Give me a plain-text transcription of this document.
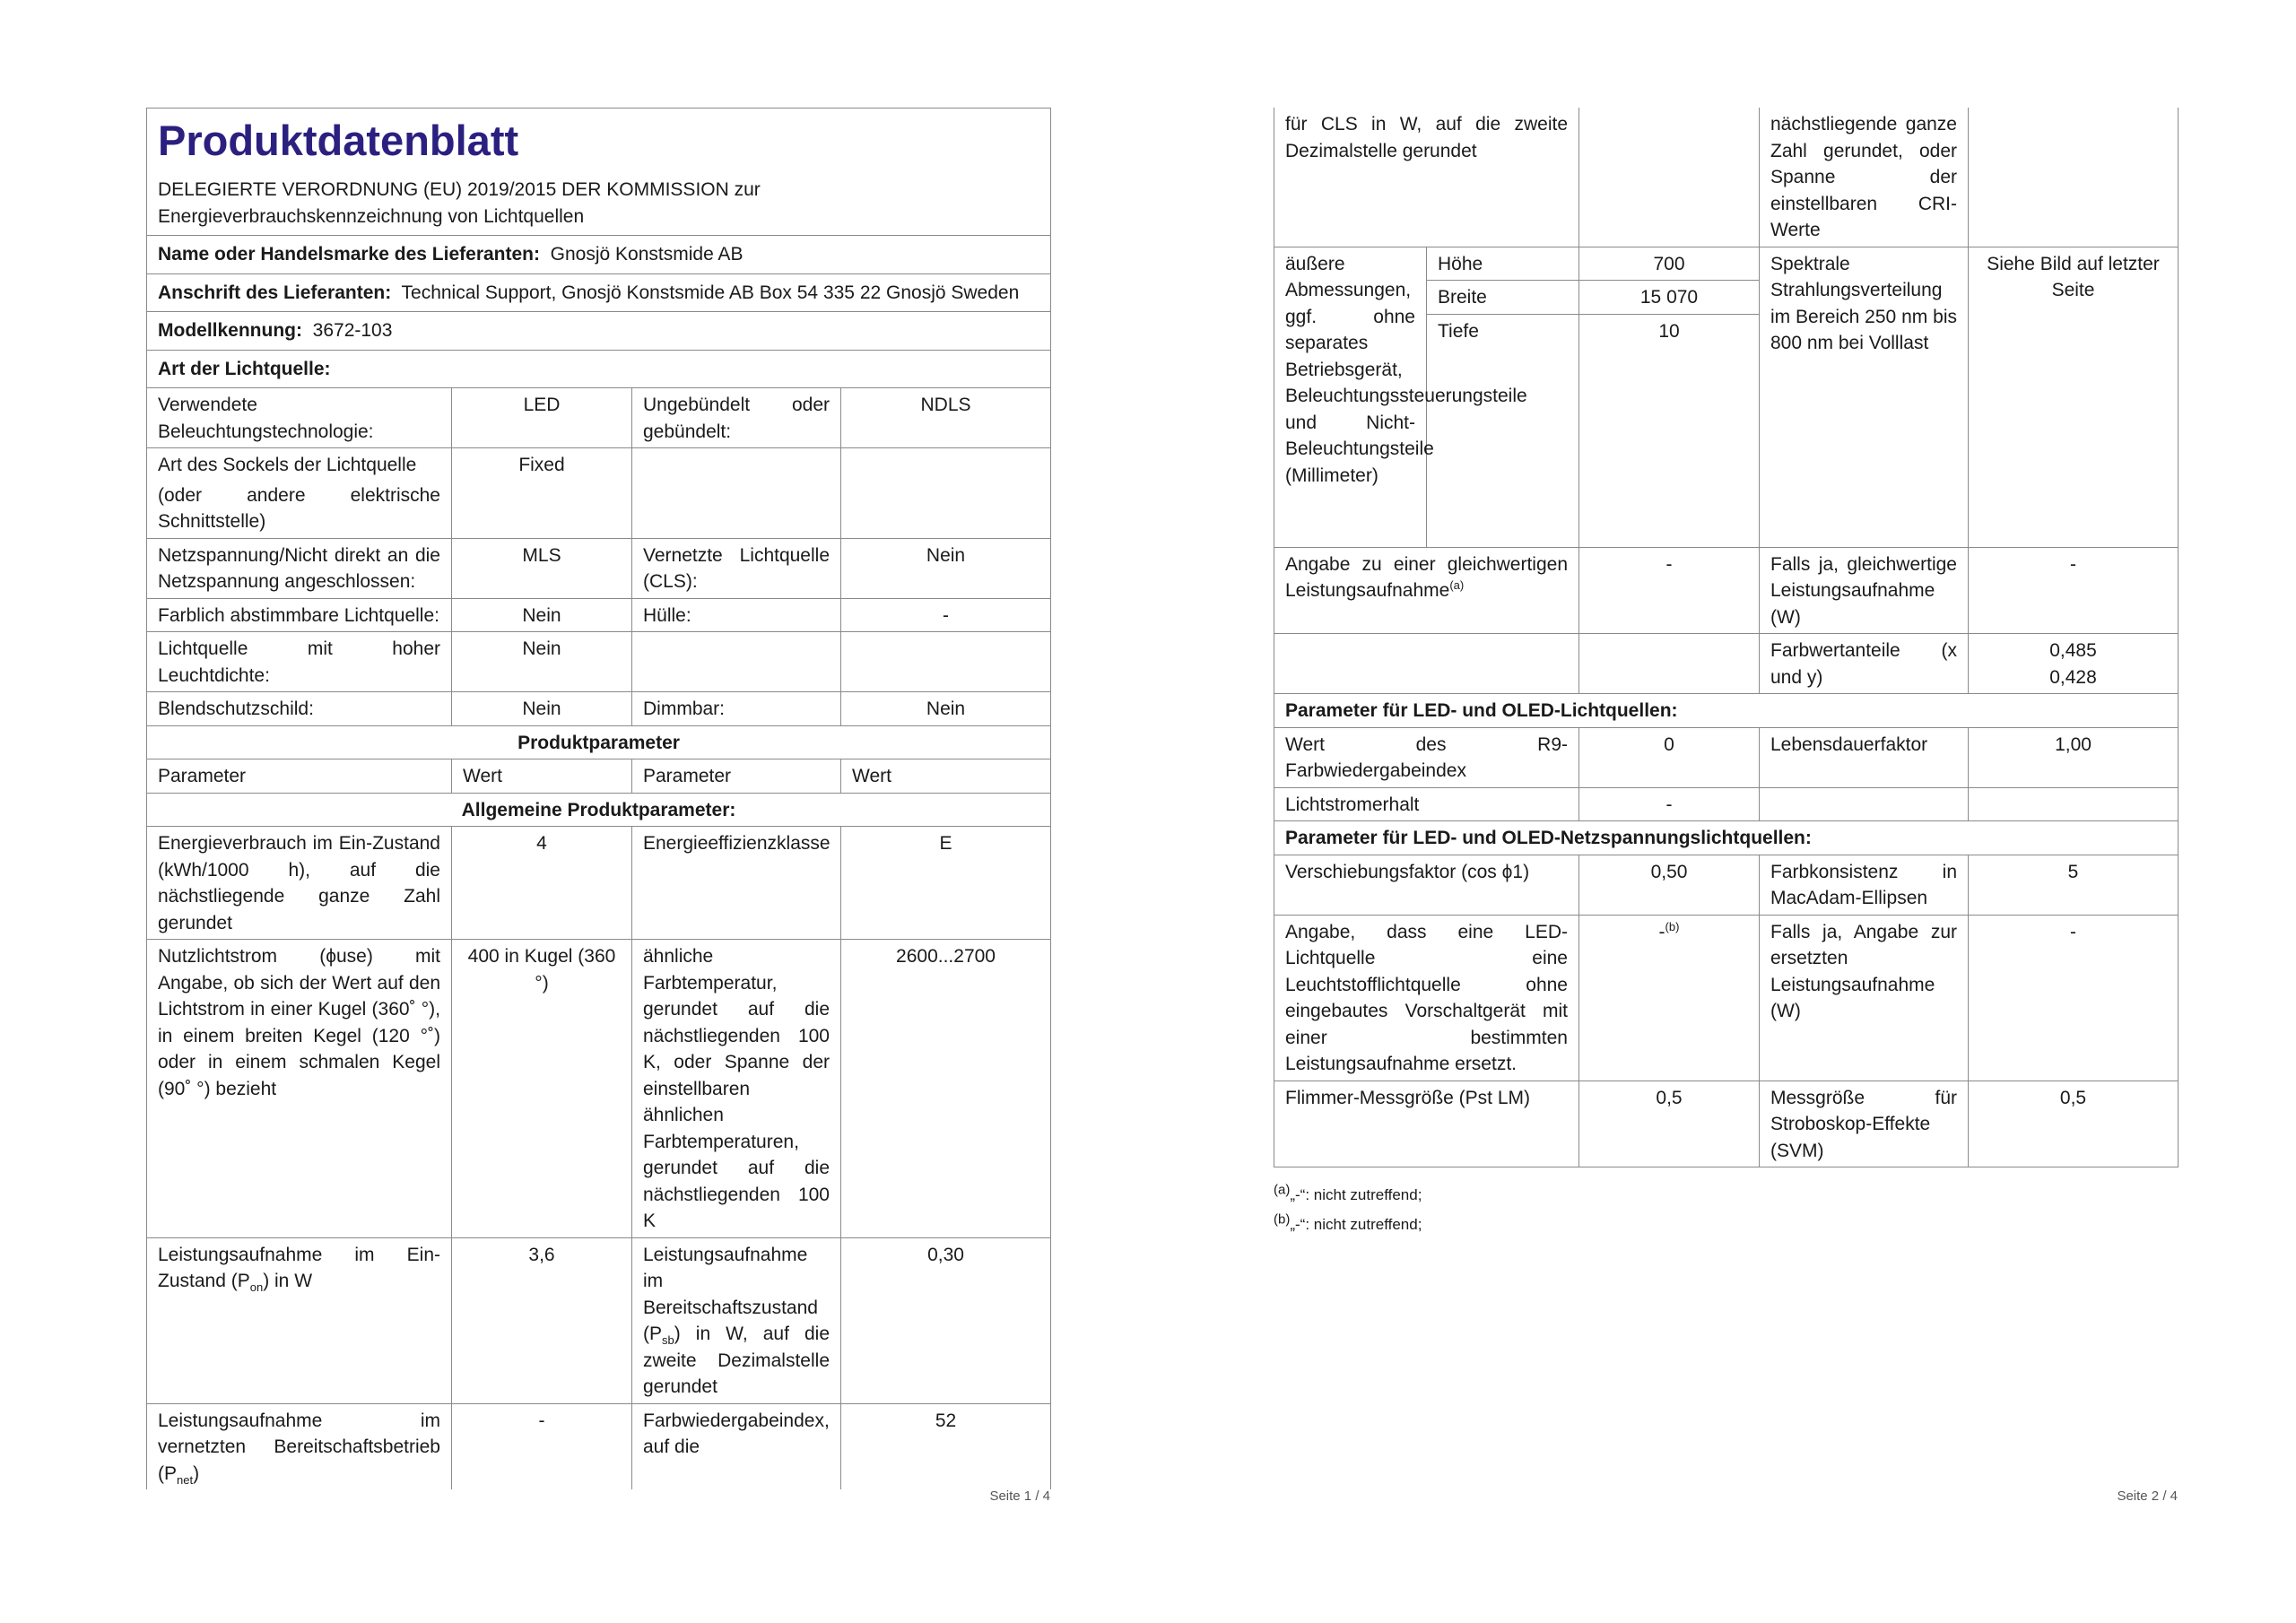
Produktdatenblatt
DELEGIERTE VERORDNUNG (EU) 2019/2015 DER KOMMISSION zur Energieverbrauchskennzeichnung von Lichtquellen			

Name oder Handelsmarke des Lieferanten: Gnosjö Konstsmide AB			
Anschrift des Lieferanten: Technical Support, Gnosjö Konstsmide AB Box 54 335 22 Gnosjö Sweden			
Modellkennung: 3672-103			
Art der Lichtquelle:			
Verwendete Beleuchtungstechnologie:	LED	Ungebündelt oder gebündelt:	NDLS

Art des Sockels der Lichtquelle
(oder andere elektrische Schnittstelle)	Fixed		
Netzspannung/Nicht direkt an die Netzspannung angeschlossen:	MLS	Vernetzte Lichtquelle (CLS):	Nein
Farblich abstimmbare Lichtquelle:	Nein	Hülle:	-
Lichtquelle mit hoher Leuchtdichte:	Nein		
Blendschutzschild:	Nein	Dimmbar:	Nein
Produktparameter			
Parameter	Wert	Parameter	Wert
Allgemeine Produktparameter:			
Energieverbrauch im Ein-Zustand (kWh/1000 h), auf die nächstliegende ganze Zahl gerundet	4	Energieeffizienzklasse	E
Nutzlichtstrom (ϕuse) mit Angabe, ob sich der Wert auf den Lichtstrom in einer Kugel (360˚ °), in einem breiten Kegel (120 °˚) oder in einem schmalen Kegel (90˚ °) bezieht	400 in Kugel (360 °)	ähnliche Farbtemperatur, gerundet auf die nächstliegenden 100 K, oder Spanne der einstellbaren ähnlichen Farbtemperaturen, gerundet auf die nächstliegenden 100 K	2600...2700
Leistungsaufnahme im Ein-Zustand $(P_{on})$ in W	3,6	Leistungsaufnahme im Bereitschaftszustand $(P_{sb})$ in W, auf die zweite Dezimalstelle gerundet	0,30
Leistungsaufnahme im vernetzten Bereitschaftsbetrieb $(P_{net})$	-	Farbwiedergabeindex, auf die	52
Seite 1 / 4
für CLS in W, auf die zweite Dezimalstelle gerundet			nächstliegende ganze Zahl gerundet, oder Spanne der einstellbaren CRI-Werte	
äußere Abmessungen, ggf. ohne separates Betriebsgerät, Beleuchtungssteuerungsteile und Nicht-Beleuchtungsteile (Millimeter)	Höhe	700	Spektrale Strahlungsverteilung im Bereich 250 nm bis 800 nm bei Volllast	Siehe Bild auf letzter Seite
	Breite	15 070		
	Tiefe	10		
Angabe zu einer gleichwertigen Leistungsaufnahme$^{(a)}$		-	Falls ja, gleichwertige Leistungsaufnahme (W)	-
			Farbwertanteile (x und y)	0,485
0,428

Parameter für LED- und OLED-Lichtquellen:				
Wert des R9-Farbwiedergabeindex		0	Lebensdauerfaktor	1,00
Lichtstromerhalt		-		
Parameter für LED- und OLED-Netzspannungslichtquellen:				
Verschiebungsfaktor (cos ϕ1)		0,50	Farbkonsistenz in MacAdam-Ellipsen	5
Angabe, dass eine LED-Lichtquelle eine Leuchtstofflichtquelle ohne eingebautes Vorschaltgerät mit einer bestimmten Leistungsaufnahme ersetzt.		-$^{(b)}$	Falls ja, Angabe zur ersetzten Leistungsaufnahme (W)	-
Flimmer-Messgröße (Pst LM)		0,5	Messgröße für Stroboskop-Effekte (SVM)	0,5
$^{(a)}$„-“: nicht zutreffend;
$^{(b)}$„-“: nicht zutreffend;
Seite 2 / 4
